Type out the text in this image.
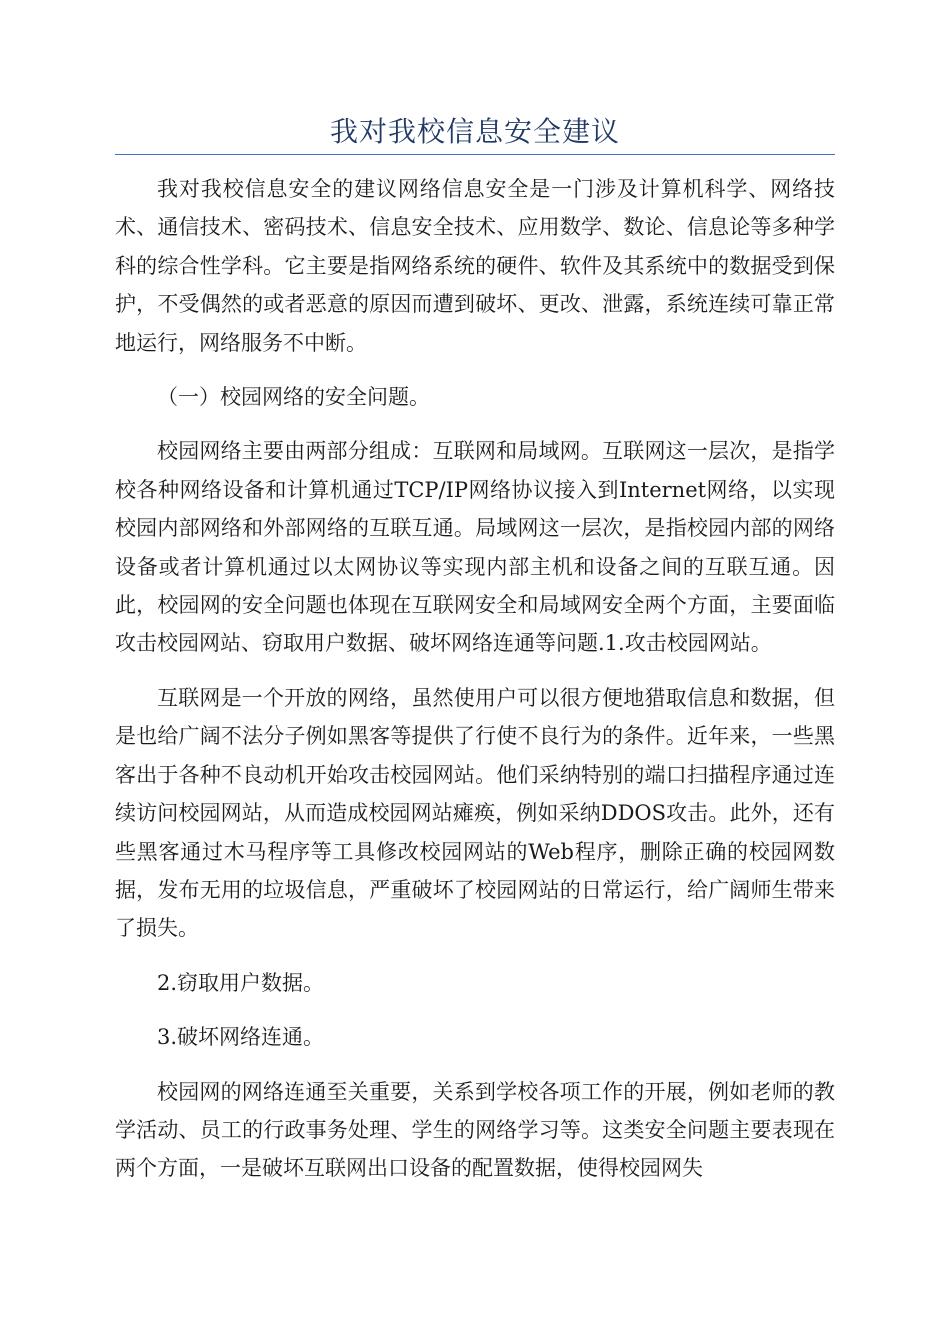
我对我校信息安全建议

我对我校信息安全的建议网络信息安全是一门涉及计算机科学、网络技术、通信技术、密码技术、信息安全技术、应用数学、数论、信息论等多种学科的综合性学科。它主要是指网络系统的硬件、软件及其系统中的数据受到保护，不受偶然的或者恶意的原因而遭到破坏、更改、泄露，系统连续可靠正常地运行，网络服务不中断。

（一）校园网络的安全问题。

校园网络主要由两部分组成：互联网和局域网。互联网这一层次，是指学校各种网络设备和计算机通过TCP/IP网络协议接入到Internet网络，以实现校园内部网络和外部网络的互联互通。局域网这一层次，是指校园内部的网络设备或者计算机通过以太网协议等实现内部主机和设备之间的互联互通。因此，校园网的安全问题也体现在互联网安全和局域网安全两个方面，主要面临攻击校园网站、窃取用户数据、破坏网络连通等问题.1.攻击校园网站。

互联网是一个开放的网络，虽然使用户可以很方便地猎取信息和数据，但是也给广阔不法分子例如黑客等提供了行使不良行为的条件。近年来，一些黑客出于各种不良动机开始攻击校园网站。他们采纳特别的端口扫描程序通过连续访问校园网站，从而造成校园网站瘫痪，例如采纳DDOS攻击。此外，还有些黑客通过木马程序等工具修改校园网站的Web程序，删除正确的校园网数据，发布无用的垃圾信息，严重破坏了校园网站的日常运行，给广阔师生带来了损失。

2.窃取用户数据。

3.破坏网络连通。

校园网的网络连通至关重要，关系到学校各项工作的开展，例如老师的教学活动、员工的行政事务处理、学生的网络学习等。这类安全问题主要表现在两个方面，一是破坏互联网出口设备的配置数据，使得校园网失
